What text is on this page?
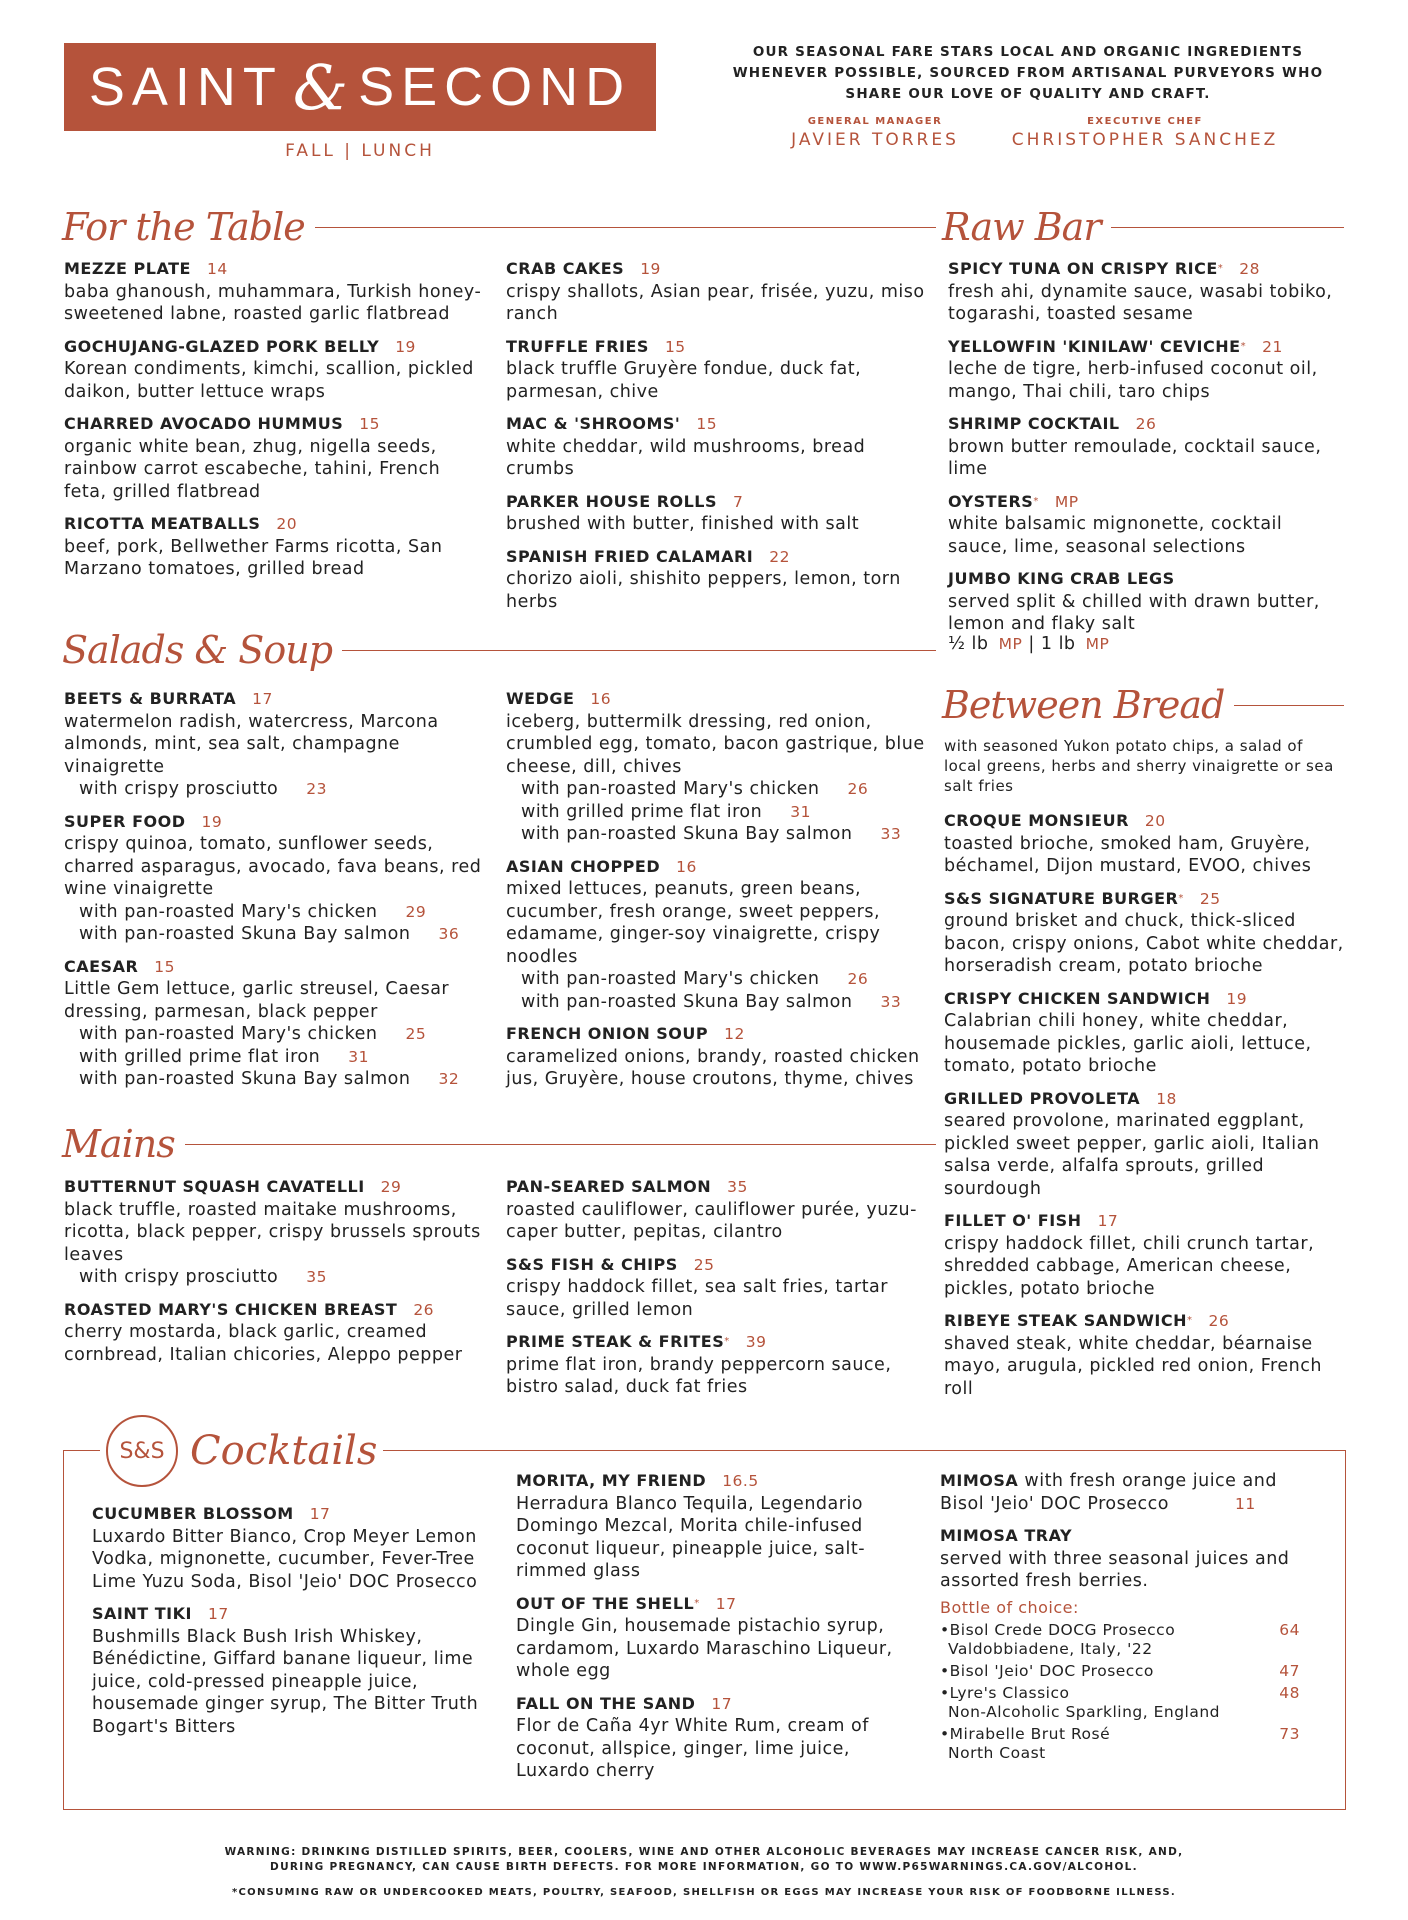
SAINT & SECOND
FALL | LUNCH
OUR SEASONAL FARE STARS LOCAL AND ORGANIC INGREDIENTS WHENEVER POSSIBLE, SOURCED FROM ARTISANAL PURVEYORS WHO SHARE OUR LOVE OF QUALITY AND CRAFT.
GENERAL MANAGER
JAVIER TORRES
EXECUTIVE CHEF
CHRISTOPHER SANCHEZ
For the Table	Raw Bar
Salads & Soup
Between Bread
Mains
MEZZE PLATE 14
baba ghanoush, muhammara, Turkish honey-sweetened labne, roasted garlic flatbread
GOCHUJANG-GLAZED PORK BELLY 19
Korean condiments, kimchi, scallion, pickled daikon, butter lettuce wraps
CHARRED AVOCADO HUMMUS 15
organic white bean, zhug, nigella seeds, rainbow carrot escabeche, tahini, French feta, grilled flatbread
RICOTTA MEATBALLS 20
beef, pork, Bellwether Farms ricotta, San Marzano tomatoes, grilled bread
CRAB CAKES 19
crispy shallots, Asian pear, frisée, yuzu, miso ranch
TRUFFLE FRIES 15
black truffle Gruyère fondue, duck fat, parmesan, chive
MAC & 'SHROOMS' 15
white cheddar, wild mushrooms, bread crumbs
PARKER HOUSE ROLLS 7
brushed with butter, finished with salt
SPANISH FRIED CALAMARI 22
chorizo aioli, shishito peppers, lemon, torn herbs
SPICY TUNA ON CRISPY RICE* 28
fresh ahi, dynamite sauce, wasabi tobiko, togarashi, toasted sesame
YELLOWFIN 'KINILAW' CEVICHE* 21
leche de tigre, herb-infused coconut oil, mango, Thai chili, taro chips
SHRIMP COCKTAIL 26
brown butter remoulade, cocktail sauce, lime
OYSTERS* MP
white balsamic mignonette, cocktail sauce, lime, seasonal selections
JUMBO KING CRAB LEGS
served split & chilled with drawn butter, lemon and flaky salt
½ lb MP | 1 lb MP
BEETS & BURRATA 17
watermelon radish, watercress, Marcona almonds, mint, sea salt, champagne vinaigrette
with crispy prosciutto 23
SUPER FOOD 19
crispy quinoa, tomato, sunflower seeds, charred asparagus, avocado, fava beans, red wine vinaigrette
with pan-roasted Mary's chicken 29
with pan-roasted Skuna Bay salmon 36
CAESAR 15
Little Gem lettuce, garlic streusel, Caesar dressing, parmesan, black pepper
with pan-roasted Mary's chicken 25
with grilled prime flat iron 31
with pan-roasted Skuna Bay salmon 32
WEDGE 16
iceberg, buttermilk dressing, red onion, crumbled egg, tomato, bacon gastrique, blue cheese, dill, chives
with pan-roasted Mary's chicken 26
with grilled prime flat iron 31
with pan-roasted Skuna Bay salmon 33
ASIAN CHOPPED 16
mixed lettuces, peanuts, green beans, cucumber, fresh orange, sweet peppers, edamame, ginger-soy vinaigrette, crispy noodles
with pan-roasted Mary's chicken 26
with pan-roasted Skuna Bay salmon 33
FRENCH ONION SOUP 12
caramelized onions, brandy, roasted chicken jus, Gruyère, house croutons, thyme, chives
with seasoned Yukon potato chips, a salad of local greens, herbs and sherry vinaigrette or sea salt fries
CROQUE MONSIEUR 20
toasted brioche, smoked ham, Gruyère, béchamel, Dijon mustard, EVOO, chives
S&S SIGNATURE BURGER* 25
ground brisket and chuck, thick-sliced bacon, crispy onions, Cabot white cheddar, horseradish cream, potato brioche
CRISPY CHICKEN SANDWICH 19
Calabrian chili honey, white cheddar, housemade pickles, garlic aioli, lettuce, tomato, potato brioche
GRILLED PROVOLETA 18
seared provolone, marinated eggplant, pickled sweet pepper, garlic aioli, Italian salsa verde, alfalfa sprouts, grilled sourdough
FILLET O' FISH 17
crispy haddock fillet, chili crunch tartar, shredded cabbage, American cheese, pickles, potato brioche
RIBEYE STEAK SANDWICH* 26
shaved steak, white cheddar, béarnaise mayo, arugula, pickled red onion, French roll
BUTTERNUT SQUASH CAVATELLI 29
black truffle, roasted maitake mushrooms, ricotta, black pepper, crispy brussels sprouts leaves
with crispy prosciutto 35
ROASTED MARY'S CHICKEN BREAST 26
cherry mostarda, black garlic, creamed cornbread, Italian chicories, Aleppo pepper
PAN-SEARED SALMON 35
roasted cauliflower, cauliflower purée, yuzu-caper butter, pepitas, cilantro
S&S FISH & CHIPS 25
crispy haddock fillet, sea salt fries, tartar sauce, grilled lemon
PRIME STEAK & FRITES* 39
prime flat iron, brandy peppercorn sauce, bistro salad, duck fat fries
S&S Cocktails
CUCUMBER BLOSSOM 17
Luxardo Bitter Bianco, Crop Meyer Lemon Vodka, mignonette, cucumber, Fever-Tree Lime Yuzu Soda, Bisol 'Jeio' DOC Prosecco
SAINT TIKI 17
Bushmills Black Bush Irish Whiskey, Bénédictine, Giffard banane liqueur, lime juice, cold-pressed pineapple juice, housemade ginger syrup, The Bitter Truth Bogart's Bitters
MORITA, MY FRIEND 16.5
Herradura Blanco Tequila, Legendario Domingo Mezcal, Morita chile-infused coconut liqueur, pineapple juice, salt-rimmed glass
OUT OF THE SHELL* 17
Dingle Gin, housemade pistachio syrup, cardamom, Luxardo Maraschino Liqueur, whole egg
FALL ON THE SAND 17
Flor de Caña 4yr White Rum, cream of coconut, allspice, ginger, lime juice, Luxardo cherry
MIMOSA with fresh orange juice and Bisol 'Jeio' DOC Prosecco	11
MIMOSA TRAY
served with three seasonal juices and assorted fresh berries.
Bottle of choice:
•Bisol Crede DOCG Prosecco
Valdobbiadene, Italy, '22
64
•Bisol 'Jeio' DOC Prosecco	47
•Lyre's Classico
Non-Alcoholic Sparkling, England
48
•Mirabelle Brut Rosé
North Coast
73
WARNING: DRINKING DISTILLED SPIRITS, BEER, COOLERS, WINE AND OTHER ALCOHOLIC BEVERAGES MAY INCREASE CANCER RISK, AND,
DURING PREGNANCY, CAN CAUSE BIRTH DEFECTS. FOR MORE INFORMATION, GO TO WWW.P65WARNINGS.CA.GOV/ALCOHOL.
*CONSUMING RAW OR UNDERCOOKED MEATS, POULTRY, SEAFOOD, SHELLFISH OR EGGS MAY INCREASE YOUR RISK OF FOODBORNE ILLNESS.
